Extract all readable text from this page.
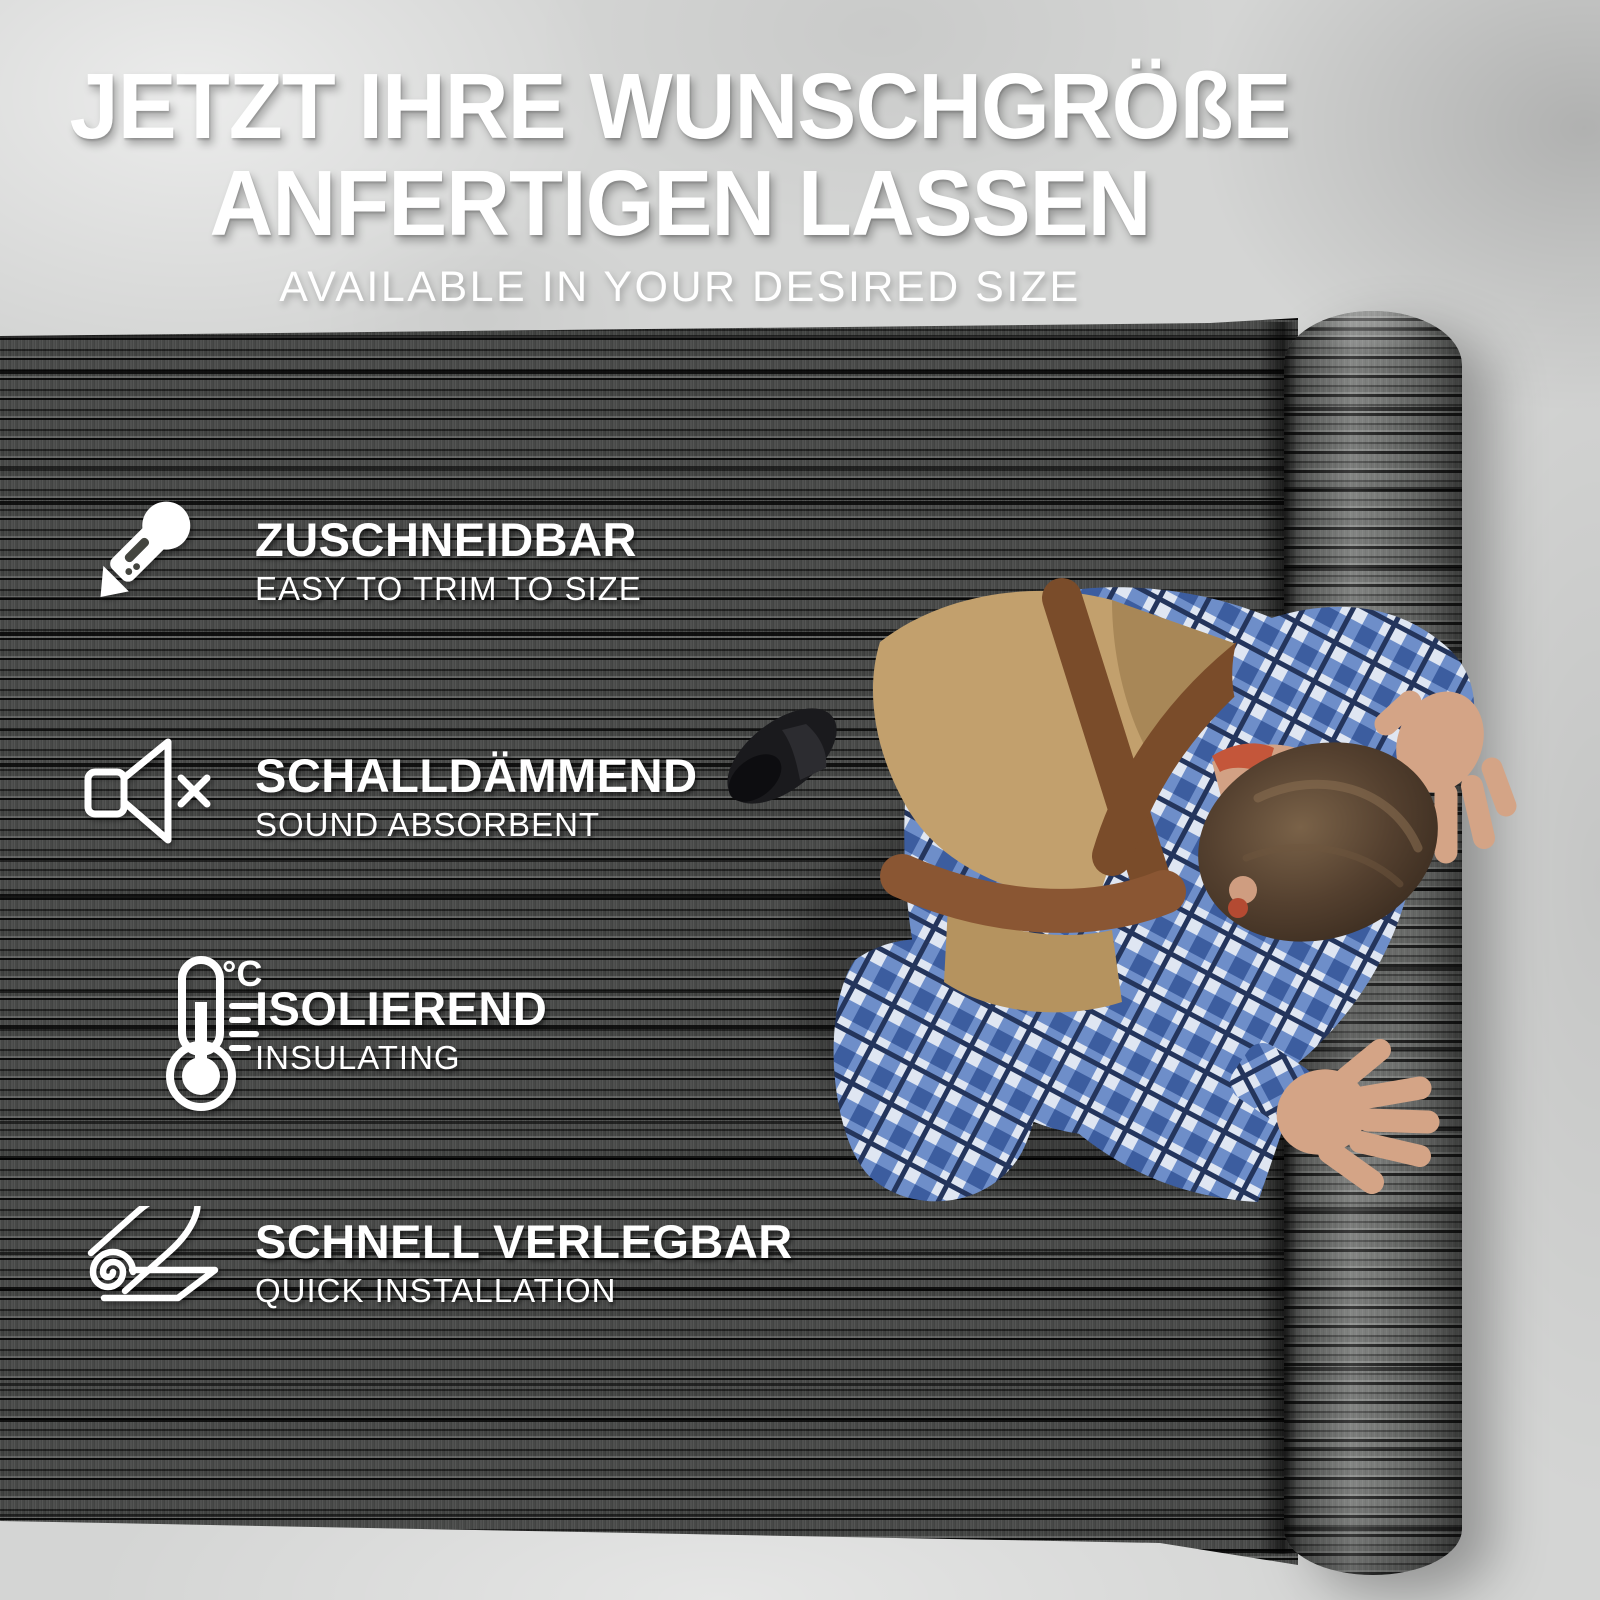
JETZT IHRE WUNSCHGRÖßE
ANFERTIGEN LASSEN
AVAILABLE IN YOUR DESIRED SIZE
ZUSCHNEIDBAR
EASY TO TRIM TO SIZE
SCHALLDÄMMEND
SOUND ABSORBENT
°C
ISOLIEREND
INSULATING
SCHNELL VERLEGBAR
QUICK INSTALLATION
